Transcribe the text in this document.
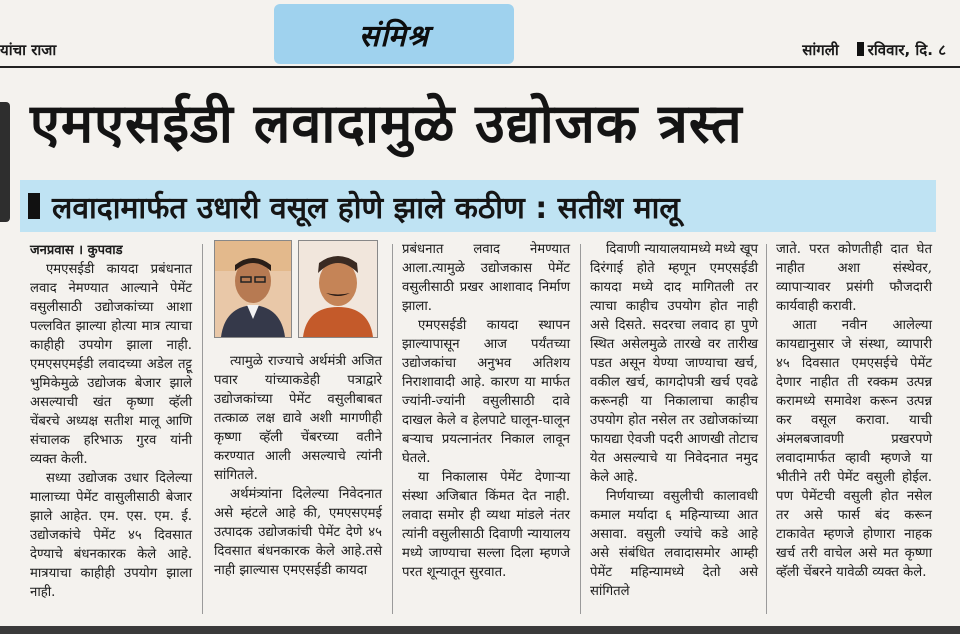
यांचा राजा	संमिश्र	सांगली	रविवार, दि. ८
एमएसईडी लवादामुळे उद्योजक त्रस्त
लवादामार्फत उधारी वसूल होणे झाले कठीण : सतीश मालू
जनप्रवास । कुपवाड

एमएसईडी कायदा प्रबंधनात लवाद नेमण्यात आल्याने पेमेंट वसुलीसाठी उद्योजकांच्या आशा पल्लवित झाल्या होत्या मात्र त्याचा काहीही उपयोग झाला नाही. एमएसएमईडी लवादच्या अडेल तट्टू भुमिकेमुळे उद्योजक बेजार झाले असल्याची खंत कृष्णा व्हॅली चेंबरचे अध्यक्ष सतीश मालू आणि संचालक हरिभाऊ गुरव यांनी व्यक्त केली.

सध्या उद्योजक उधार दिलेल्या मालाच्या पेमेंट वासुलीसाठी बेजार झाले आहेत. एम. एस. एम. ई. उद्योजकांचे पेमेंट ४५ दिवसात देण्याचे बंधनकारक केले आहे. मात्रयाचा काहीही उपयोग झाला नाही.

त्यामुळे राज्याचे अर्थमंत्री अजित पवार यांच्याकडेही पत्राद्वारे उद्योजकांच्या पेमेंट वसुलीबाबत तत्काळ लक्ष द्यावे अशी मागणीही कृष्णा व्हॅली चेंबरच्या वतीने करण्यात आली असल्याचे त्यांनी सांगितले.

अर्थमंत्र्यांना दिलेल्या निवेदनात असे म्हंटले आहे की, एमएसएमई उत्पादक उद्योजकांची पेमेंट देणे ४५ दिवसात बंधनकारक केले आहे.तसे नाही झाल्यास एमएसईडी कायदा

प्रबंधनात लवाद नेमण्यात आला.त्यामुळे उद्योजकास पेमेंट वसुलीसाठी प्रखर आशावाद निर्माण झाला.

एमएसईडी कायदा स्थापन झाल्यापासून आज पर्यंतच्या उद्योजकांचा अनुभव अतिशय निराशावादी आहे. कारण या मार्फत ज्यांनी-ज्यांनी वसुलीसाठी दावे दाखल केले व हेलपाटे घालून-घालून बऱ्याच प्रयत्नानंतर निकाल लावून घेतले.

या निकालास पेमेंट देणाऱ्या संस्था अजिबात किंमत देत नाही. लवादा समोर ही व्यथा मांडले नंतर त्यांनी वसुलीसाठी दिवाणी न्यायालय मध्ये जाण्याचा सल्ला दिला म्हणजे परत शून्यातून सुरवात.

दिवाणी न्यायालयामध्ये मध्ये खूप दिरंगाई होते म्हणून एमएसईडी कायदा मध्ये दाद मागितली तर त्याचा काहीच उपयोग होत नाही असे दिसते. सदरचा लवाद हा पुणे स्थित असेलमुळे तारखे वर तारीख पडत असून येण्या जाण्याचा खर्च, वकील खर्च, कागदोपत्री खर्च एवढे करूनही या निकालाचा काहीच उपयोग होत नसेल तर उद्योजकांच्या फायद्या ऐवजी पदरी आणखी तोटाच येत असल्याचे या निवेदनात नमुद केले आहे.

निर्णयाच्या वसुलीची कालावधी कमाल मर्यादा ६ महिन्याच्या आत असावा. वसुली ज्यांचे कडे आहे असे संबंधित लवादासमोर आम्ही पेमेंट महिन्यामध्ये देतो असे सांगितले

जाते. परत कोणतीही दात घेत नाहीत अशा संस्थेवर, व्यापाऱ्यावर प्रसंगी फौजदारी कार्यवाही करावी.

आता नवीन आलेल्या कायद्यानुसार जे संस्था, व्यापारी ४५ दिवसात एमएसईचे पेमेंट देणार नाहीत ती रक्कम उत्पन्न करामध्ये समावेश करून उत्पन्न कर वसूल करावा. याची अंमलबजावणी प्रखरपणे लवादामार्फत व्हावी म्हणजे या भीतीने तरी पेमेंट वसुली होईल. पण पेमेंटची वसुली होत नसेल तर असे फार्स बंद करून टाकावेत म्हणजे होणारा नाहक खर्च तरी वाचेल असे मत कृष्णा व्हॅली चेंबरने यावेळी व्यक्त केले.
